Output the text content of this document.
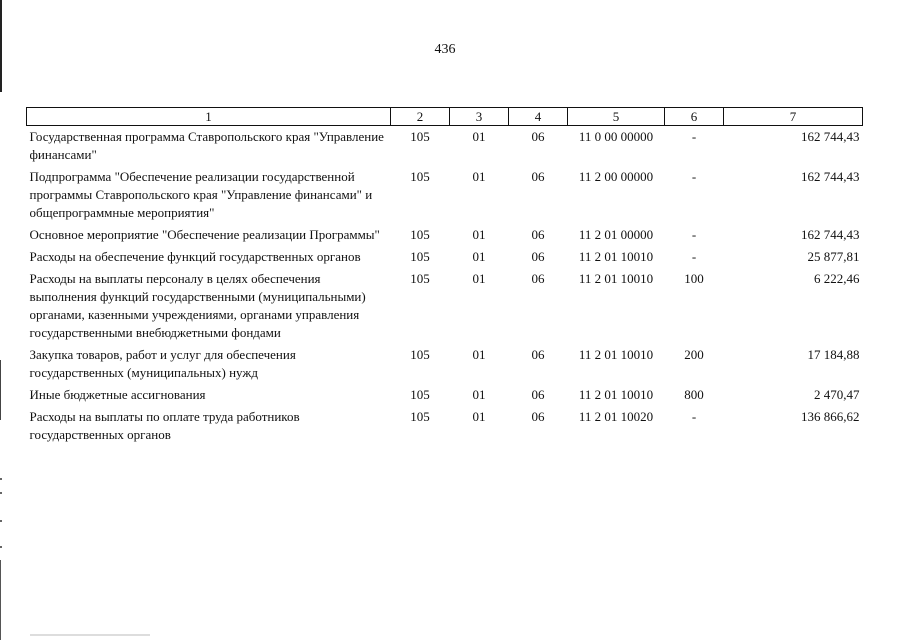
436
1	2	3	4	5	6	7
Государственная программа Ставропольского края "Управление финансами"	105	01	06	11 0 00 00000	-	162 744,43
Подпрограмма "Обеспечение реализации государственной программы Ставропольского края "Управление финансами" и общепрограммные мероприятия"	105	01	06	11 2 00 00000	-	162 744,43
Основное мероприятие "Обеспечение реализации Программы"	105	01	06	11 2 01 00000	-	162 744,43
Расходы на обеспечение функций государственных органов	105	01	06	11 2 01 10010	-	25 877,81
Расходы на выплаты персоналу в целях обеспечения выполнения функций государственными (муниципальными) органами, казенными учреждениями, органами управления государственными внебюджетными фондами	105	01	06	11 2 01 10010	100	6 222,46
Закупка товаров, работ и услуг для обеспечения государственных (муниципальных) нужд	105	01	06	11 2 01 10010	200	17 184,88
Иные бюджетные ассигнования	105	01	06	11 2 01 10010	800	2 470,47
Расходы на выплаты по оплате труда работников государственных органов	105	01	06	11 2 01 10020	-	136 866,62
